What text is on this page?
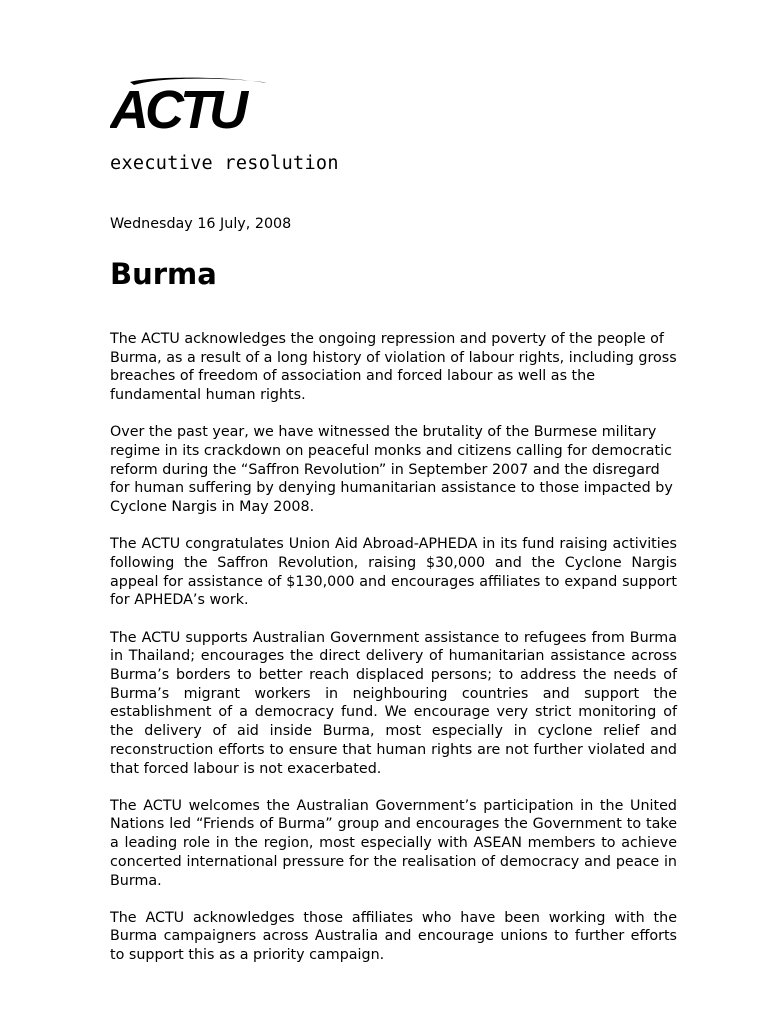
ACTU
executive resolution

Wednesday 16 July, 2008

Burma

The ACTU acknowledges the ongoing repression and poverty of the people of Burma, as a result of a long history of violation of labour rights, including gross breaches of freedom of association and forced labour as well as the fundamental human rights.

Over the past year, we have witnessed the brutality of the Burmese military regime in its crackdown on peaceful monks and citizens calling for democratic reform during the “Saffron Revolution” in September 2007 and the disregard for human suffering by denying humanitarian assistance to those impacted by Cyclone Nargis in May 2008.

The ACTU congratulates Union Aid Abroad-APHEDA in its fund raising activities following the Saffron Revolution, raising $30,000 and the Cyclone Nargis appeal for assistance of $130,000 and encourages affiliates to expand support for APHEDA’s work.

The ACTU supports Australian Government assistance to refugees from Burma in Thailand; encourages the direct delivery of humanitarian assistance across Burma’s borders to better reach displaced persons; to address the needs of Burma’s migrant workers in neighbouring countries and support the establishment of a democracy fund. We encourage very strict monitoring of the delivery of aid inside Burma, most especially in cyclone relief and reconstruction efforts to ensure that human rights are not further violated and that forced labour is not exacerbated.

The ACTU welcomes the Australian Government’s participation in the United Nations led “Friends of Burma” group and encourages the Government to take a leading role in the region, most especially with ASEAN members to achieve concerted international pressure for the realisation of democracy and peace in Burma.

The ACTU acknowledges those affiliates who have been working with the Burma campaigners across Australia and encourage unions to further efforts to support this as a priority campaign.
